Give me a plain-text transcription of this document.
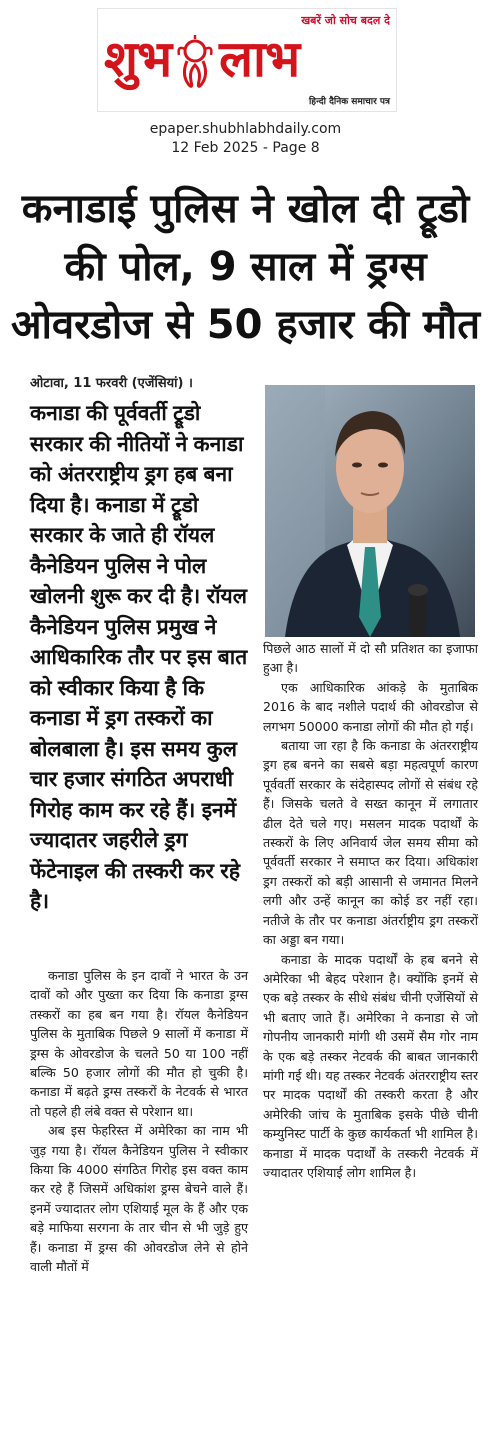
खबरें जो सोच बदल दे
शुभ लाभ
हिन्दी दैनिक समाचार पत्र
epaper.shubhlabhdaily.com
12 Feb 2025 - Page 8
कनाडाई पुलिस ने खोल दी ट्रूडो की पोल, 9 साल में ड्रग्स ओवरडोज से 50 हजार की मौत
ओटावा, 11 फरवरी (एजेंसियां) ।
कनाडा की पूर्ववर्ती ट्रूडो सरकार की नीतियों ने कनाडा को अंतरराष्ट्रीय ड्रग हब बना दिया है। कनाडा में ट्रूडो सरकार के जाते ही रॉयल कैनेडियन पुलिस ने पोल खोलनी शुरू कर दी है। रॉयल कैनेडियन पुलिस प्रमुख ने आधिकारिक तौर पर इस बात को स्वीकार किया है कि कनाडा में ड्रग तस्करों का बोलबाला है। इस समय कुल चार हजार संगठित अपराधी गिरोह काम कर रहे हैं। इनमें ज्यादातर जहरीले ड्रग फेंटेनाइल की तस्करी कर रहे है।

कनाडा पुलिस के इन दावों ने भारत के उन दावों को और पुख्ता कर दिया कि कनाडा ड्रग्स तस्करों का हब बन गया है। रॉयल कैनेडियन पुलिस के मुताबिक पिछले 9 सालों में कनाडा में ड्रग्स के ओवरडोज के चलते 50 या 100 नहीं बल्कि 50 हजार लोगों की मौत हो चुकी है। कनाडा में बढ़ते ड्रग्स तस्करों के नेटवर्क से भारत तो पहले ही लंबे वक्त से परेशान था।

अब इस फेहरिस्त में अमेरिका का नाम भी जुड़ गया है। रॉयल कैनेडियन पुलिस ने स्वीकार किया कि 4000 संगठित गिरोह इस वक्त काम कर रहे हैं जिसमें अधिकांश ड्रग्स बेचने वाले हैं। इनमें ज्यादातर लोग एशियाई मूल के हैं और एक बड़े माफिया सरगना के तार चीन से भी जुड़े हुए हैं। कनाडा में ड्रग्स की ओवरडोज लेने से होने वाली मौतों में

पिछले आठ सालों में दो सौ प्रतिशत का इजाफा हुआ है।

एक आधिकारिक आंकड़े के मुताबिक 2016 के बाद नशीले पदार्थ की ओवरडोज से लगभग 50000 कनाडा लोगों की मौत हो गई।

बताया जा रहा है कि कनाडा के अंतरराष्ट्रीय ड्रग हब बनने का सबसे बड़ा महत्वपूर्ण कारण पूर्ववर्ती सरकार के संदेहास्पद लोगों से संबंध रहे हैं। जिसके चलते वे सख्त कानून में लगातार ढील देते चले गए। मसलन मादक पदार्थों के तस्करों के लिए अनिवार्य जेल समय सीमा को पूर्ववर्ती सरकार ने समाप्त कर दिया। अधिकांश ड्रग तस्करों को बड़ी आसानी से जमानत मिलने लगी और उन्हें कानून का कोई डर नहीं रहा। नतीजे के तौर पर कनाडा अंतर्राष्ट्रीय ड्रग तस्करों का अड्डा बन गया।

कनाडा के मादक पदार्थों के हब बनने से अमेरिका भी बेहद परेशान है। क्योंकि इनमें से एक बड़े तस्कर के सीधे संबंध चीनी एजेंसियों से भी बताए जाते हैं। अमेरिका ने कनाडा से जो गोपनीय जानकारी मांगी थी उसमें सैम गोर नाम के एक बड़े तस्कर नेटवर्क की बाबत जानकारी मांगी गई थी। यह तस्कर नेटवर्क अंतरराष्ट्रीय स्तर पर मादक पदार्थों की तस्करी करता है और अमेरिकी जांच के मुताबिक इसके पीछे चीनी कम्युनिस्ट पार्टी के कुछ कार्यकर्ता भी शामिल है। कनाडा में मादक पदार्थों के तस्करी नेटवर्क में ज्यादातर एशियाई लोग शामिल है।
